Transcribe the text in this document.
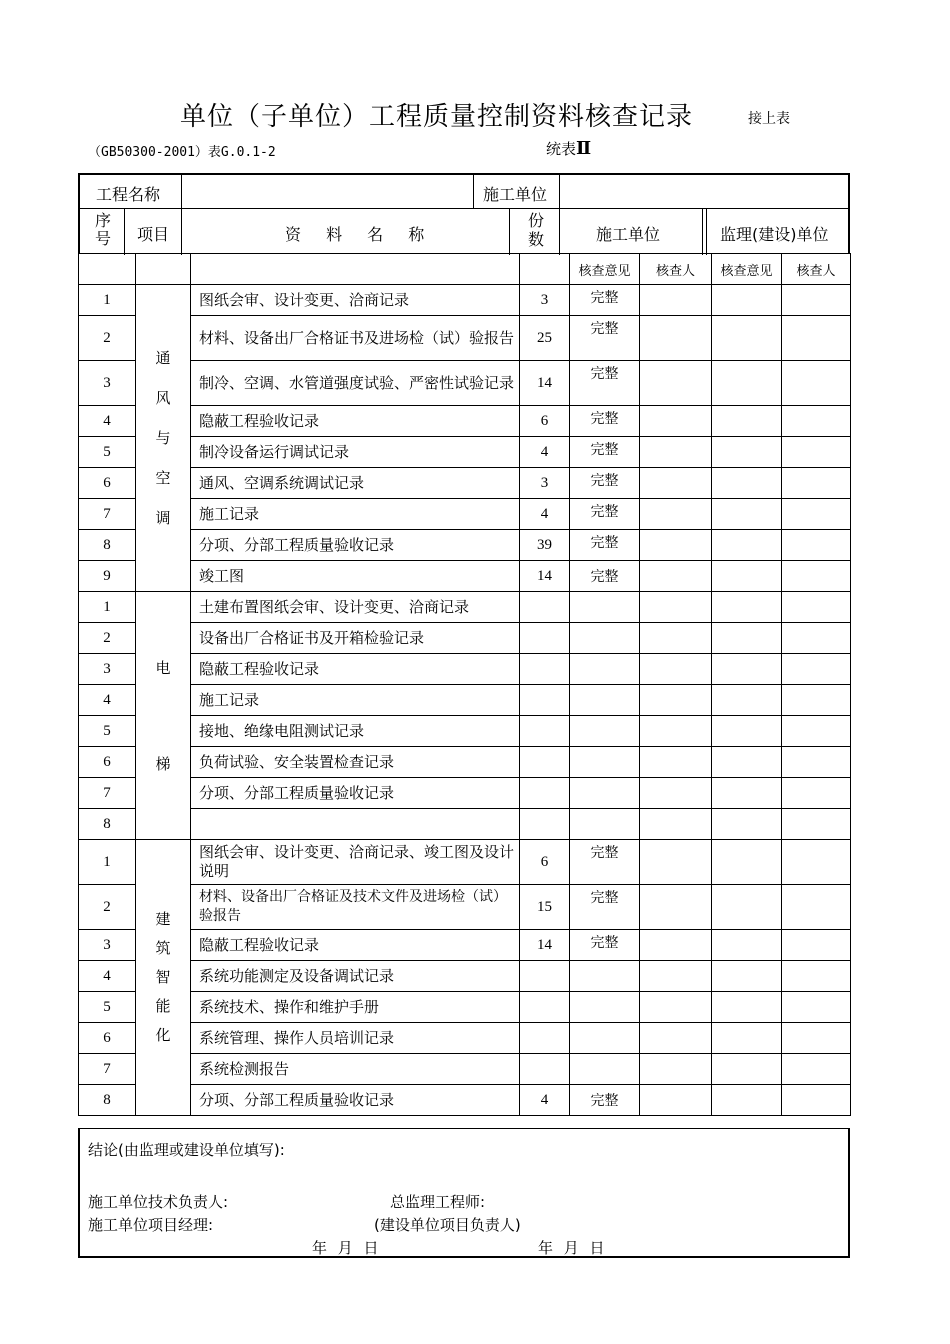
单位（子单位）工程质量控制资料核查记录	接上表
（GB50300-2001）表G.0.1-2	统表Ⅱ
工程名称	施工单位
序号	项目	资 料 名 称
份数	施工单位	监理(建设)单位
				核查意见	核查人	核查意见	核查人
1	通风与空调	图纸会审、设计变更、洽商记录	3	完整			
2		材料、设备出厂合格证书及进场检（试）验报告	25	完整			
3		制冷、空调、水管道强度试验、严密性试验记录	14	完整			
4		隐蔽工程验收记录	6	完整			
5		制冷设备运行调试记录	4	完整			
6		通风、空调系统调试记录	3	完整			
7		施工记录	4	完整			
8		分项、分部工程质量验收记录	39	完整			
9		竣工图	14	完整			
1	电梯	土建布置图纸会审、设计变更、洽商记录					
2		设备出厂合格证书及开箱检验记录					
3		隐蔽工程验收记录					
4		施工记录					
5		接地、绝缘电阻测试记录					
6		负荷试验、安全装置检查记录					
7		分项、分部工程质量验收记录					
8							
1	建筑智能化	图纸会审、设计变更、洽商记录、竣工图及设计说明	6	完整			
2		材料、设备出厂合格证及技术文件及进场检（试）验报告	15	完整			
3		隐蔽工程验收记录	14	完整			
4		系统功能测定及设备调试记录					
5		系统技术、操作和维护手册					
6		系统管理、操作人员培训记录					
7		系统检测报告					
8		分项、分部工程质量验收记录	4	完整			
结论(由监理或建设单位填写):
施工单位技术负责人:	总监理工程师:
施工单位项目经理:	(建设单位项目负责人)
年 月 日	年 月 日
